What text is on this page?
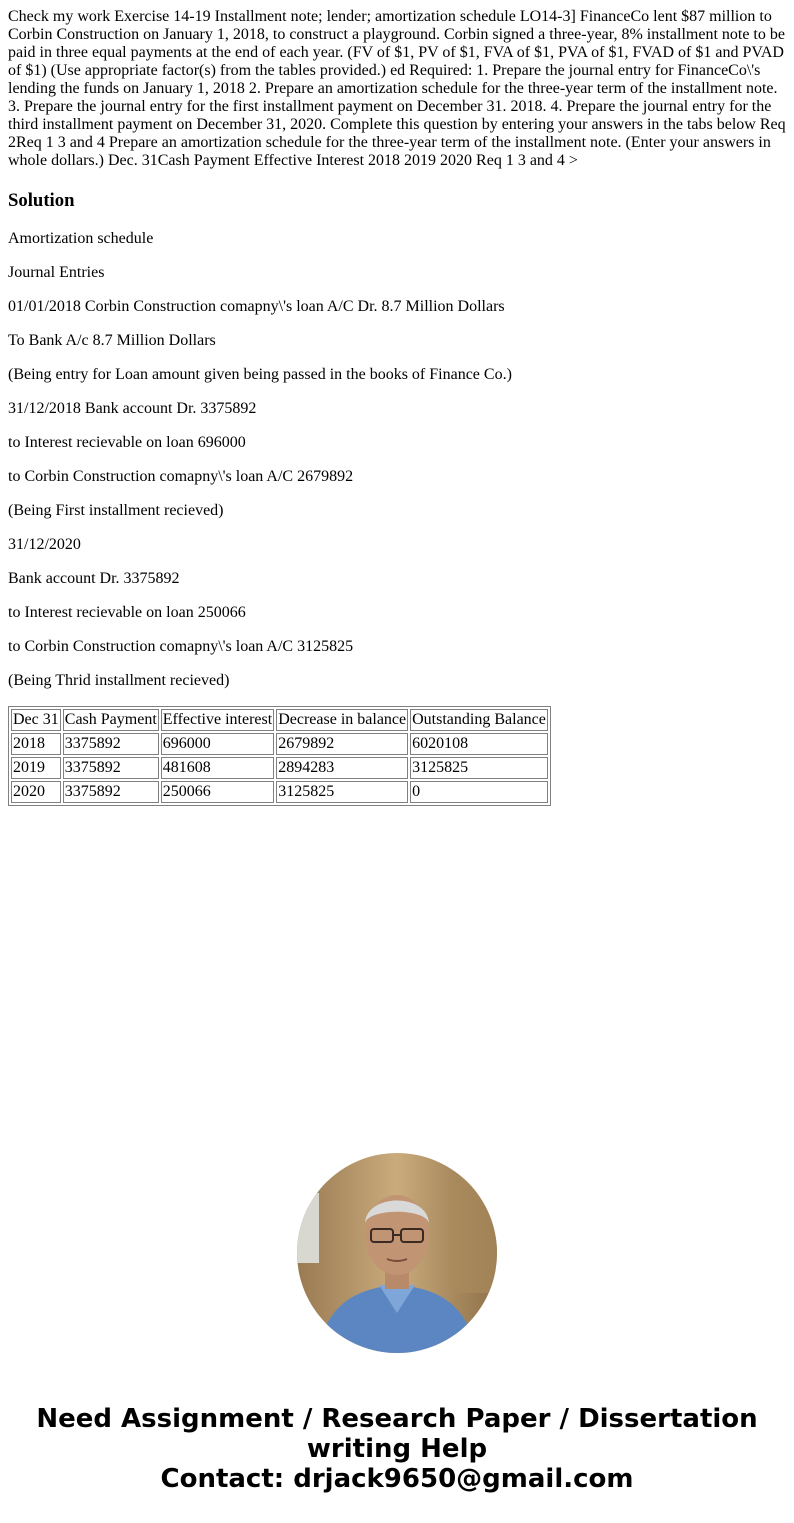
Check my work Exercise 14-19 Installment note; lender; amortization schedule LO14-3] FinanceCo lent $87 million to Corbin Construction on January 1, 2018, to construct a playground. Corbin signed a three-year, 8% installment note to be paid in three equal payments at the end of each year. (FV of $1, PV of $1, FVA of $1, PVA of $1, FVAD of $1 and PVAD of $1) (Use appropriate factor(s) from the tables provided.) ed Required: 1. Prepare the journal entry for FinanceCo\'s lending the funds on January 1, 2018 2. Prepare an amortization schedule for the three-year term of the installment note. 3. Prepare the journal entry for the first installment payment on December 31. 2018. 4. Prepare the journal entry for the third installment payment on December 31, 2020. Complete this question by entering your answers in the tabs below Req 2Req 1 3 and 4 Prepare an amortization schedule for the three-year term of the installment note. (Enter your answers in whole dollars.) Dec. 31Cash Payment Effective Interest 2018 2019 2020 Req 1 3 and 4 >
Solution

Amortization schedule

Journal Entries

01/01/2018 Corbin Construction comapny\'s loan A/C Dr. 8.7 Million Dollars

To Bank A/c 8.7 Million Dollars

(Being entry for Loan amount given being passed in the books of Finance Co.)

31/12/2018 Bank account Dr. 3375892

to Interest recievable on loan 696000

to Corbin Construction comapny\'s loan A/C 2679892

(Being First installment recieved)

31/12/2020

Bank account Dr. 3375892

to Interest recievable on loan 250066

to Corbin Construction comapny\'s loan A/C 3125825

(Being Thrid installment recieved)

Dec 31	Cash Payment	Effective interest	Decrease in balance	Outstanding Balance
2018	3375892	696000	2679892	6020108
2019	3375892	481608	2894283	3125825
2020	3375892	250066	3125825	0
Need Assignment / Research Paper / Dissertation
writing Help
Contact: drjack9650@gmail.com
